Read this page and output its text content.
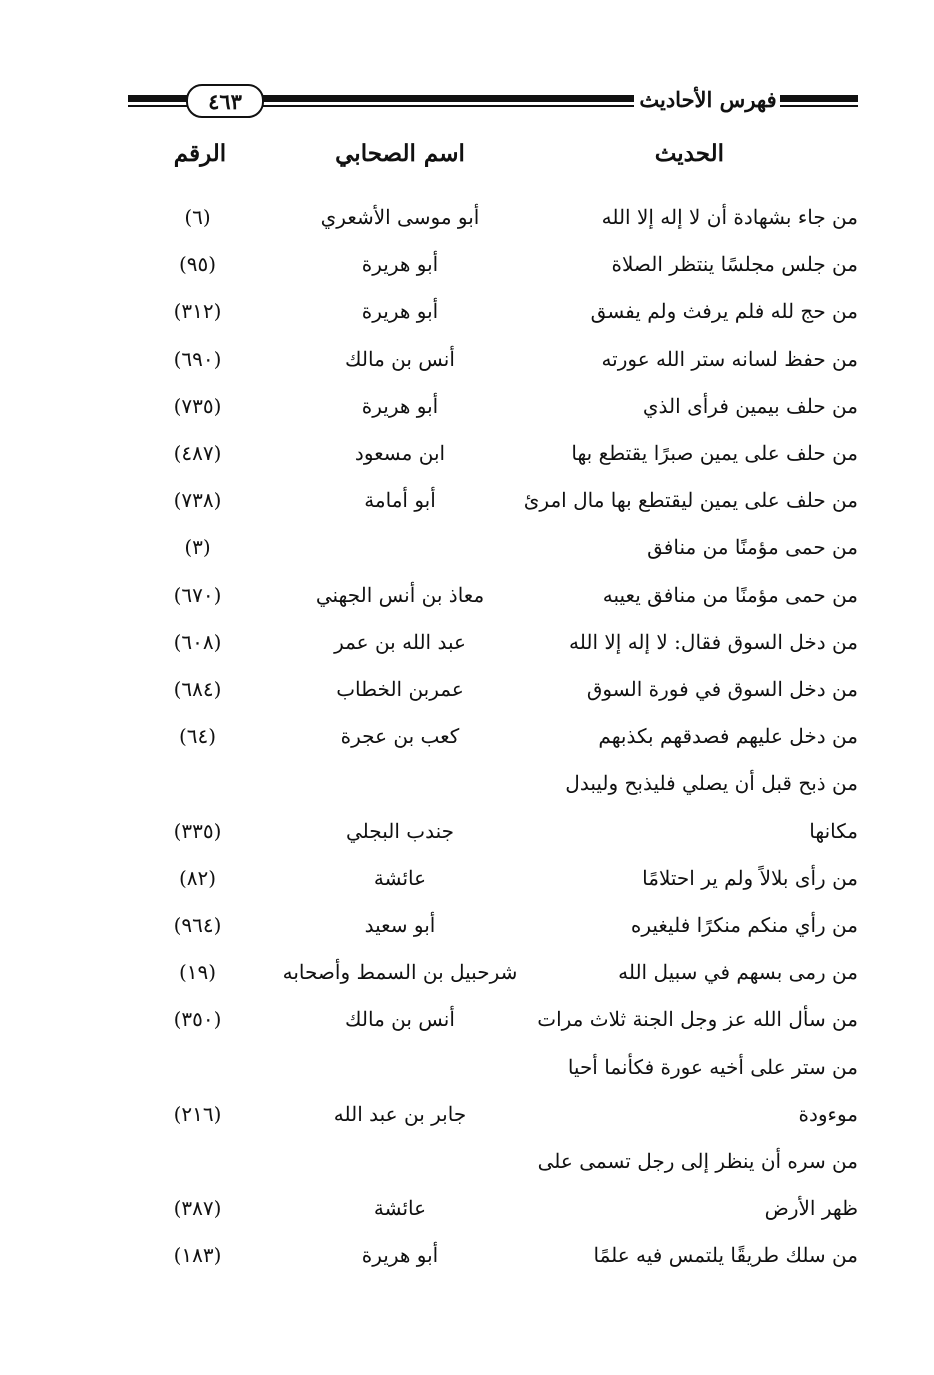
٤٦٣	فهرس الأحاديث
الحديث
اسم الصحابي
الرقم
من جاء بشهادة أن لا إله إلا الله
أبو موسى الأشعري
(٦)
من جلس مجلسًا ينتظر الصلاة
أبو هريرة
(٩٥)
من حج لله فلم يرفث ولم يفسق
أبو هريرة
(٣١٢)
من حفظ لسانه ستر الله عورته
أنس بن مالك
(٦٩٠)
من حلف بيمين فرأى الذي
أبو هريرة
(٧٣٥)
من حلف على يمين صبرًا يقتطع بها
ابن مسعود
(٤٨٧)
من حلف على يمين ليقتطع بها مال امرئ
أبو أمامة
(٧٣٨)
من حمى مؤمنًا من منافق
(٣)
من حمى مؤمنًا من منافق يعيبه
معاذ بن أنس الجهني
(٦٧٠)
من دخل السوق فقال: لا إله إلا الله
عبد الله بن عمر
(٦٠٨)
من دخل السوق في فورة السوق
عمربن الخطاب
(٦٨٤)
من دخل عليهم فصدقهم بكذبهم
كعب بن عجرة
(٦٤)
من ذبح قبل أن يصلي فليذبح وليبدل
مكانها
جندب البجلي
(٣٣٥)
من رأى بلالاً ولم ير احتلامًا
عائشة
(٨٢)
من رأي منكم منكرًا فليغيره
أبو سعيد
(٩٦٤)
من رمى بسهم في سبيل الله
شرحبيل بن السمط وأصحابه
(١٩)
من سأل الله عز وجل الجنة ثلاث مرات
أنس بن مالك
(٣٥٠)
من ستر على أخيه عورة فكأنما أحيا
موءودة
جابر بن عبد الله
(٢١٦)
من سره أن ينظر إلى رجل تسمى على
ظهر الأرض
عائشة
(٣٨٧)
من سلك طريقًا يلتمس فيه علمًا
أبو هريرة
(١٨٣)
